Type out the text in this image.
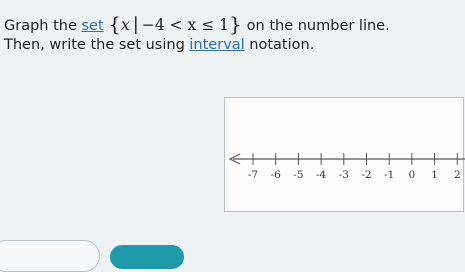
Graph the set {x | −4 < x ≤ 1} on the number line.
Then, write the set using interval notation.
-7 -6 -5 -4 -3 -2 -1 0 1 2
